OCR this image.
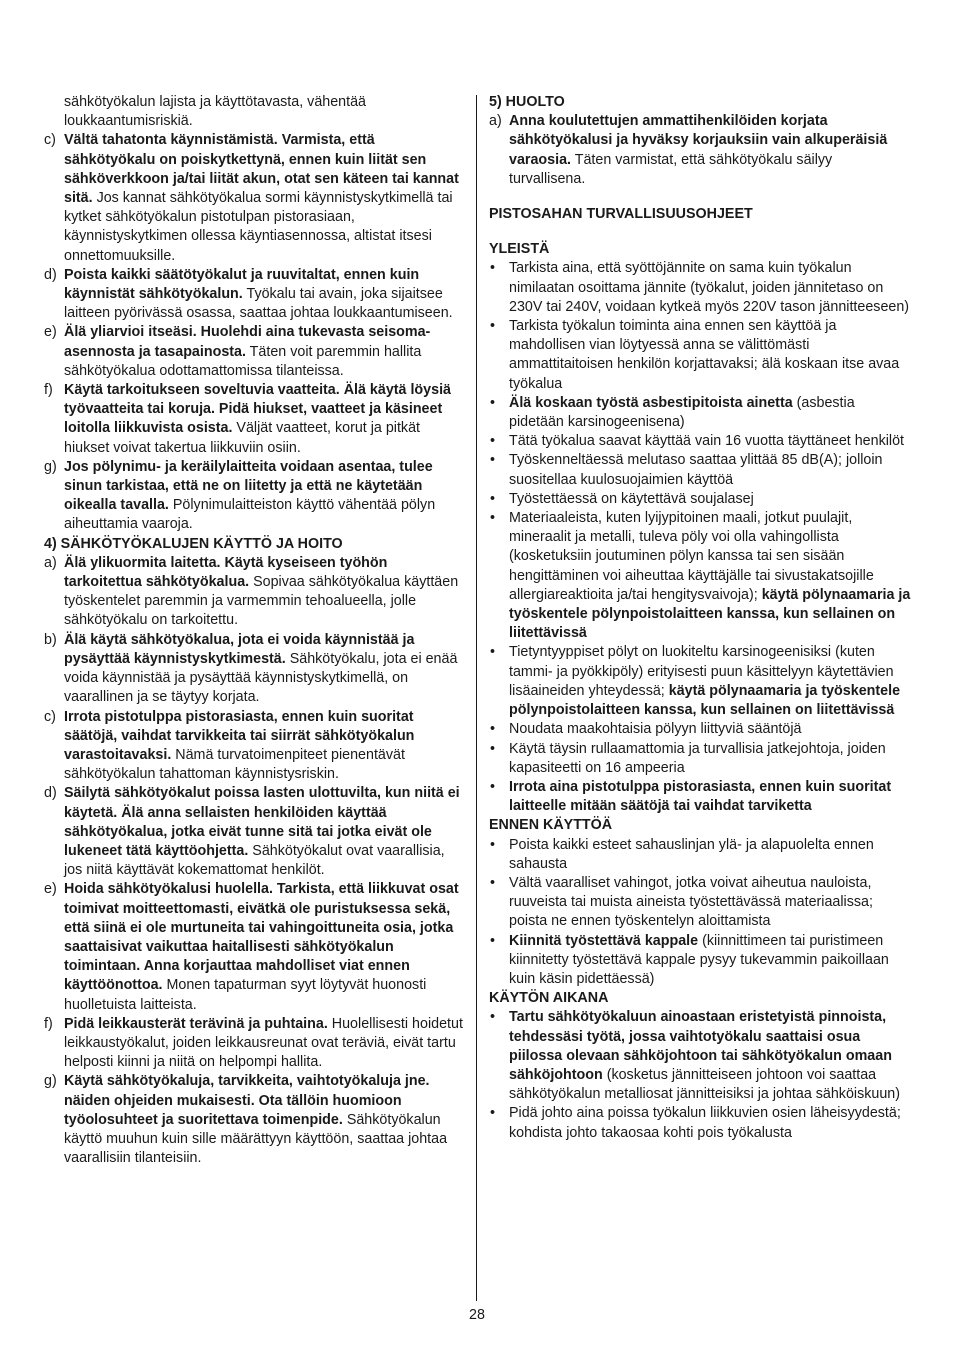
sähkötyökalun lajista ja käyttötavasta, vähentää loukkaantumisriskiä.
c) Vältä tahatonta käynnistämistä. Varmista, että sähkötyökalu on poiskytkettynä, ennen kuin liität sen sähköverkkoon ja/tai liität akun, otat sen käteen tai kannat sitä. Jos kannat sähkötyökalua sormi käynnistyskytkimellä tai kytket sähkötyökalun pistotulpan pistorasiaan, käynnistyskytkimen ollessa käyntiasennossa, altistat itsesi onnettomuuksille.
d) Poista kaikki säätötyökalut ja ruuvitaltat, ennen kuin käynnistät sähkötyökalun. Työkalu tai avain, joka sijaitsee laitteen pyörivässä osassa, saattaa johtaa loukkaantumiseen.
e) Älä yliarvioi itseäsi. Huolehdi aina tukevasta seisoma-asennosta ja tasapainosta. Täten voit paremmin hallita sähkötyökalua odottamattomissa tilanteissa.
f) Käytä tarkoitukseen soveltuvia vaatteita. Älä käytä löysiä työvaatteita tai koruja. Pidä hiukset, vaatteet ja käsineet loitolla liikkuvista osista. Väljät vaatteet, korut ja pitkät hiukset voivat takertua liikkuviin osiin.
g) Jos pölynimu- ja keräilylaitteita voidaan asentaa, tulee sinun tarkistaa, että ne on liitetty ja että ne käytetään oikealla tavalla. Pölynimulaitteiston käyttö vähentää pölyn aiheuttamia vaaroja.
4) SÄHKÖTYÖKALUJEN KÄYTTÖ JA HOITO
a) Älä ylikuormita laitetta. Käytä kyseiseen työhön tarkoitettua sähkötyökalua. Sopivaa sähkötyökalua käyttäen työskentelet paremmin ja varmemmin tehoalueella, jolle sähkötyökalu on tarkoitettu.
b) Älä käytä sähkötyökalua, jota ei voida käynnistää ja pysäyttää käynnistyskytkimestä. Sähkötyökalu, jota ei enää voida käynnistää ja pysäyttää käynnistyskytkimellä, on vaarallinen ja se täytyy korjata.
c) Irrota pistotulppa pistorasiasta, ennen kuin suoritat säätöjä, vaihdat tarvikkeita tai siirrät sähkötyökalun varastoitavaksi. Nämä turvatoimenpiteet pienentävät sähkötyökalun tahattoman käynnistysriskin.
d) Säilytä sähkötyökalut poissa lasten ulottuvilta, kun niitä ei käytetä. Älä anna sellaisten henkilöiden käyttää sähkötyökalua, jotka eivät tunne sitä tai jotka eivät ole lukeneet tätä käyttöohjetta. Sähkötyökalut ovat vaarallisia, jos niitä käyttävät kokemattomat henkilöt.
e) Hoida sähkötyökalusi huolella. Tarkista, että liikkuvat osat toimivat moitteettomasti, eivätkä ole puristuksessa sekä, että siinä ei ole murtuneita tai vahingoittuneita osia, jotka saattaisivat vaikuttaa haitallisesti sähkötyökalun toimintaan. Anna korjauttaa mahdolliset viat ennen käyttöönottoa. Monen tapaturman syyt löytyvät huonosti huolletuista laitteista.
f) Pidä leikkausterät terävinä ja puhtaina. Huolellisesti hoidetut leikkaustyökalut, joiden leikkausreunat ovat teräviä, eivät tartu helposti kiinni ja niitä on helpompi hallita.
g) Käytä sähkötyökaluja, tarvikkeita, vaihtotyökaluja jne. näiden ohjeiden mukaisesti. Ota tällöin huomioon työolosuhteet ja suoritettava toimenpide. Sähkötyökalun käyttö muuhun kuin sille määrättyyn käyttöön, saattaa johtaa vaarallisiin tilanteisiin.
5) HUOLTO
a) Anna koulutettujen ammattihenkilöiden korjata sähkötyökalusi ja hyväksy korjauksiin vain alkuperäisiä varaosia. Täten varmistat, että sähkötyökalu säilyy turvallisena.
PISTOSAHAN TURVALLISUUSOHJEET
YLEISTÄ
• Tarkista aina, että syöttöjännite on sama kuin työkalun nimilaatan osoittama jännite (työkalut, joiden jännitetaso on 230V tai 240V, voidaan kytkeä myös 220V tason jännitteeseen)
• Tarkista työkalun toiminta aina ennen sen käyttöä ja mahdollisen vian löytyessä anna se välittömästi ammattitaitoisen henkilön korjattavaksi; älä koskaan itse avaa työkalua
• Älä koskaan työstä asbestipitoista ainetta (asbestia pidetään karsinogeenisena)
• Tätä työkalua saavat käyttää vain 16 vuotta täyttäneet henkilöt
• Työskenneltäessä melutaso saattaa ylittää 85 dB(A); jolloin suositellaa kuulosuojaimien käyttöä
• Työstettäessä on käytettävä soujalasej
• Materiaaleista, kuten lyijypitoinen maali, jotkut puulajit, mineraalit ja metalli, tuleva pöly voi olla vahingollista (kosketuksiin joutuminen pölyn kanssa tai sen sisään hengittäminen voi aiheuttaa käyttäjälle tai sivustakatsojille allergiareaktioita ja/tai hengitysvaivoja); käytä pölynaamaria ja työskentele pölynpoistolaitteen kanssa, kun sellainen on liitettävissä
• Tietyntyyppiset pölyt on luokiteltu karsinogeenisiksi (kuten tammi- ja pyökkipöly) erityisesti puun käsittelyyn käytettävien lisäaineiden yhteydessä; käytä pölynaamaria ja työskentele pölynpoistolaitteen kanssa, kun sellainen on liitettävissä
• Noudata maakohtaisia pölyyn liittyviä sääntöjä
• Käytä täysin rullaamattomia ja turvallisia jatkejohtoja, joiden kapasiteetti on 16 ampeeria
• Irrota aina pistotulppa pistorasiasta, ennen kuin suoritat laitteelle mitään säätöjä tai vaihdat tarviketta
ENNEN KÄYTTÖÄ
• Poista kaikki esteet sahauslinjan ylä- ja alapuolelta ennen sahausta
• Vältä vaaralliset vahingot, jotka voivat aiheutua nauloista, ruuveista tai muista aineista työstettävässä materiaalissa; poista ne ennen työskentelyn aloittamista
• Kiinnitä työstettävä kappale (kiinnittimeen tai puristimeen kiinnitetty työstettävä kappale pysyy tukevammin paikoillaan kuin käsin pidettäessä)
KÄYTÖN AIKANA
• Tartu sähkötyökaluun ainoastaan eristetyistä pinnoista, tehdessäsi työtä, jossa vaihtotyökalu saattaisi osua piilossa olevaan sähköjohtoon tai sähkötyökalun omaan sähköjohtoon (kosketus jännitteiseen johtoon voi saattaa sähkötyökalun metalliosat jännitteisiksi ja johtaa sähköiskuun)
• Pidä johto aina poissa työkalun liikkuvien osien läheisyydestä; kohdista johto takaosaa kohti pois työkalusta
28
